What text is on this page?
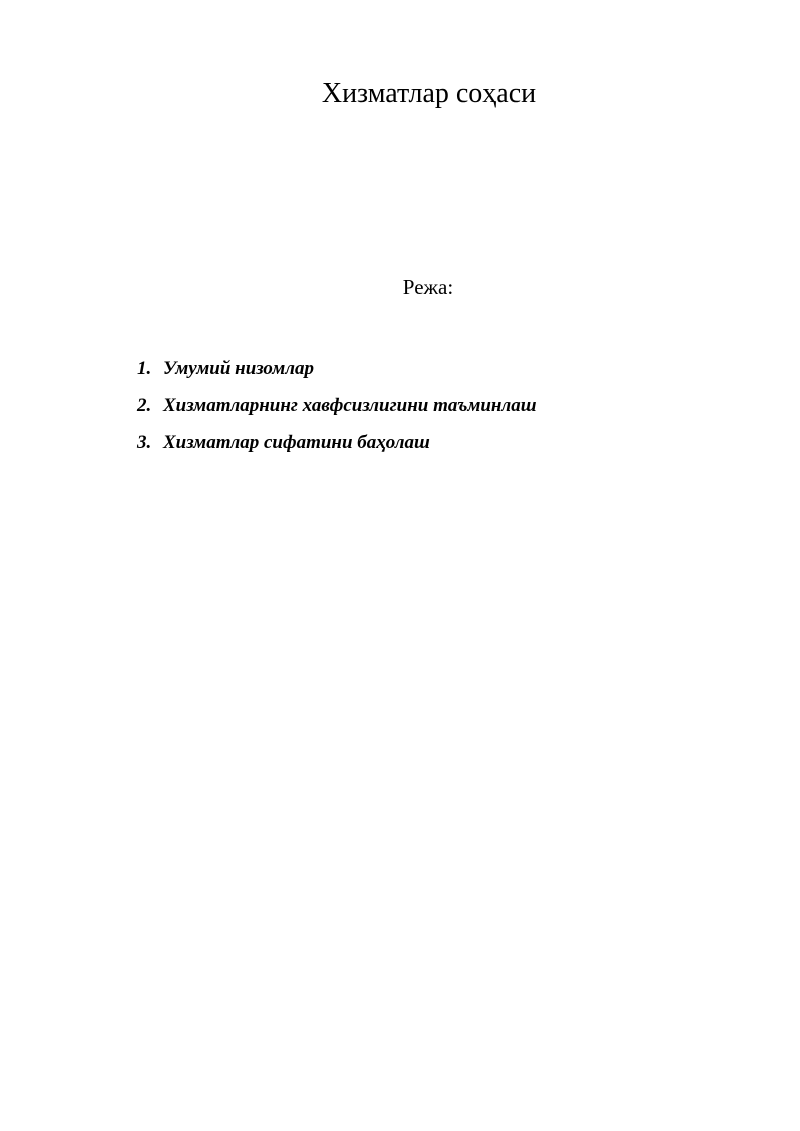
Хизматлар соҳаси
Режа:
1. Умумий низомлар
2. Хизматларнинг хавфсизлигини таъминлаш
3. Хизматлар сифатини баҳолаш
